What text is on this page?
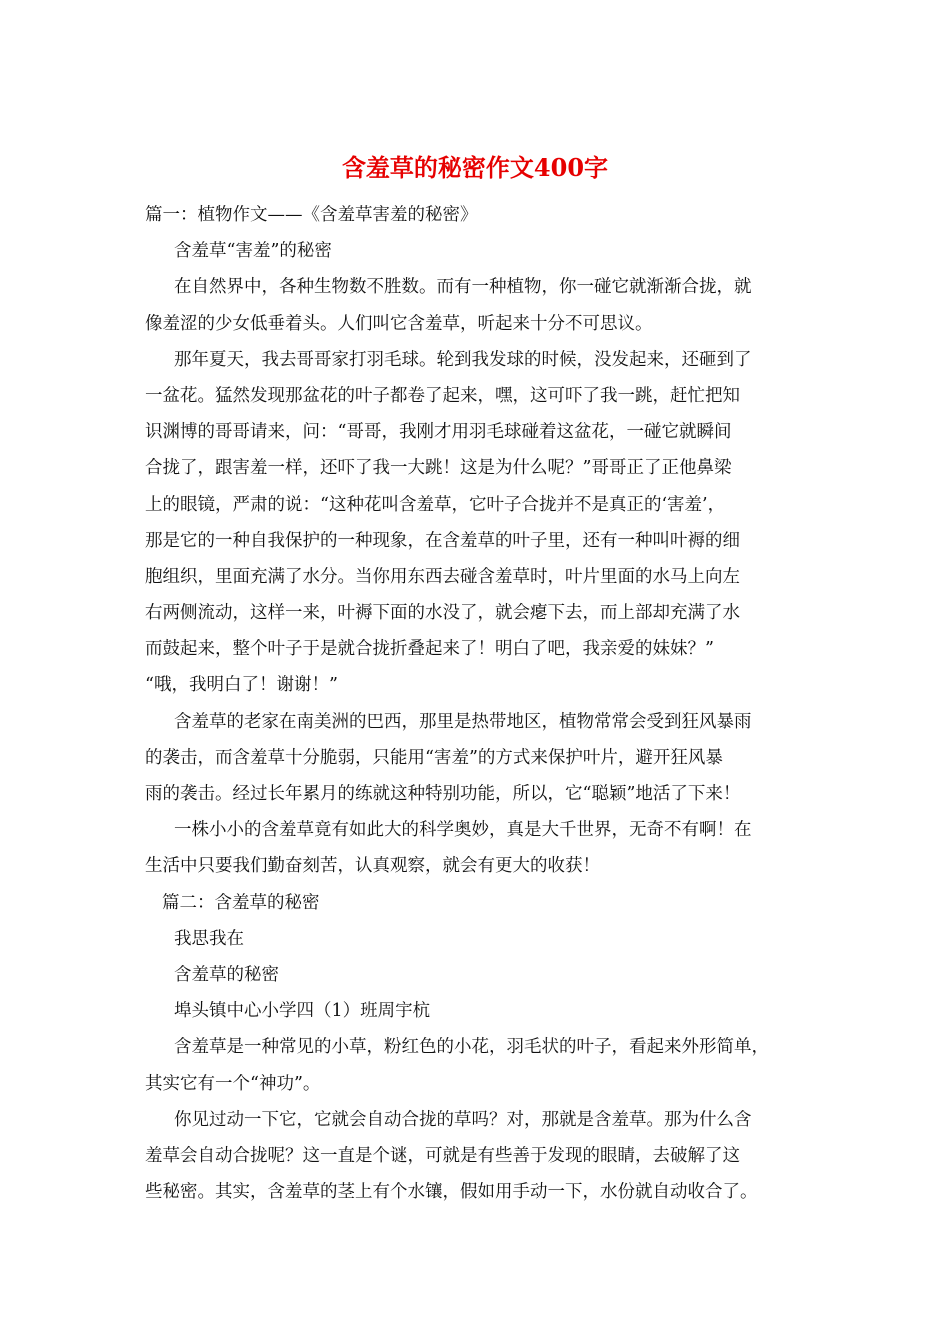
含羞草的秘密作文400字
篇一：植物作文——《含羞草害羞的秘密》
含羞草“害羞”的秘密
在自然界中，各种生物数不胜数。而有一种植物，你一碰它就渐渐合拢，就
像羞涩的少女低垂着头。人们叫它含羞草，听起来十分不可思议。
那年夏天，我去哥哥家打羽毛球。轮到我发球的时候，没发起来，还砸到了
一盆花。猛然发现那盆花的叶子都卷了起来，嘿，这可吓了我一跳，赶忙把知
识渊博的哥哥请来，问：“哥哥，我刚才用羽毛球碰着这盆花，一碰它就瞬间
合拢了，跟害羞一样，还吓了我一大跳！这是为什么呢？”哥哥正了正他鼻梁
上的眼镜，严肃的说：“这种花叫含羞草，它叶子合拢并不是真正的‘害羞’，
那是它的一种自我保护的一种现象，在含羞草的叶子里，还有一种叫叶褥的细
胞组织，里面充满了水分。当你用东西去碰含羞草时，叶片里面的水马上向左
右两侧流动，这样一来，叶褥下面的水没了，就会瘪下去，而上部却充满了水
而鼓起来，整个叶子于是就合拢折叠起来了！明白了吧，我亲爱的妹妹？”
“哦，我明白了！谢谢！”
含羞草的老家在南美洲的巴西，那里是热带地区，植物常常会受到狂风暴雨
的袭击，而含羞草十分脆弱，只能用“害羞”的方式来保护叶片，避开狂风暴
雨的袭击。经过长年累月的练就这种特别功能，所以，它“聪颖”地活了下来！
一株小小的含羞草竟有如此大的科学奥妙，真是大千世界，无奇不有啊！在
生活中只要我们勤奋刻苦，认真观察，就会有更大的收获！
篇二：含羞草的秘密
我思我在
含羞草的秘密
埠头镇中心小学四（1）班周宇杭
含羞草是一种常见的小草，粉红色的小花，羽毛状的叶子，看起来外形简单，
其实它有一个“神功”。
你见过动一下它，它就会自动合拢的草吗？对，那就是含羞草。那为什么含
羞草会自动合拢呢？这一直是个谜，可就是有些善于发现的眼睛，去破解了这
些秘密。其实，含羞草的茎上有个水镶，假如用手动一下，水份就自动收合了。
